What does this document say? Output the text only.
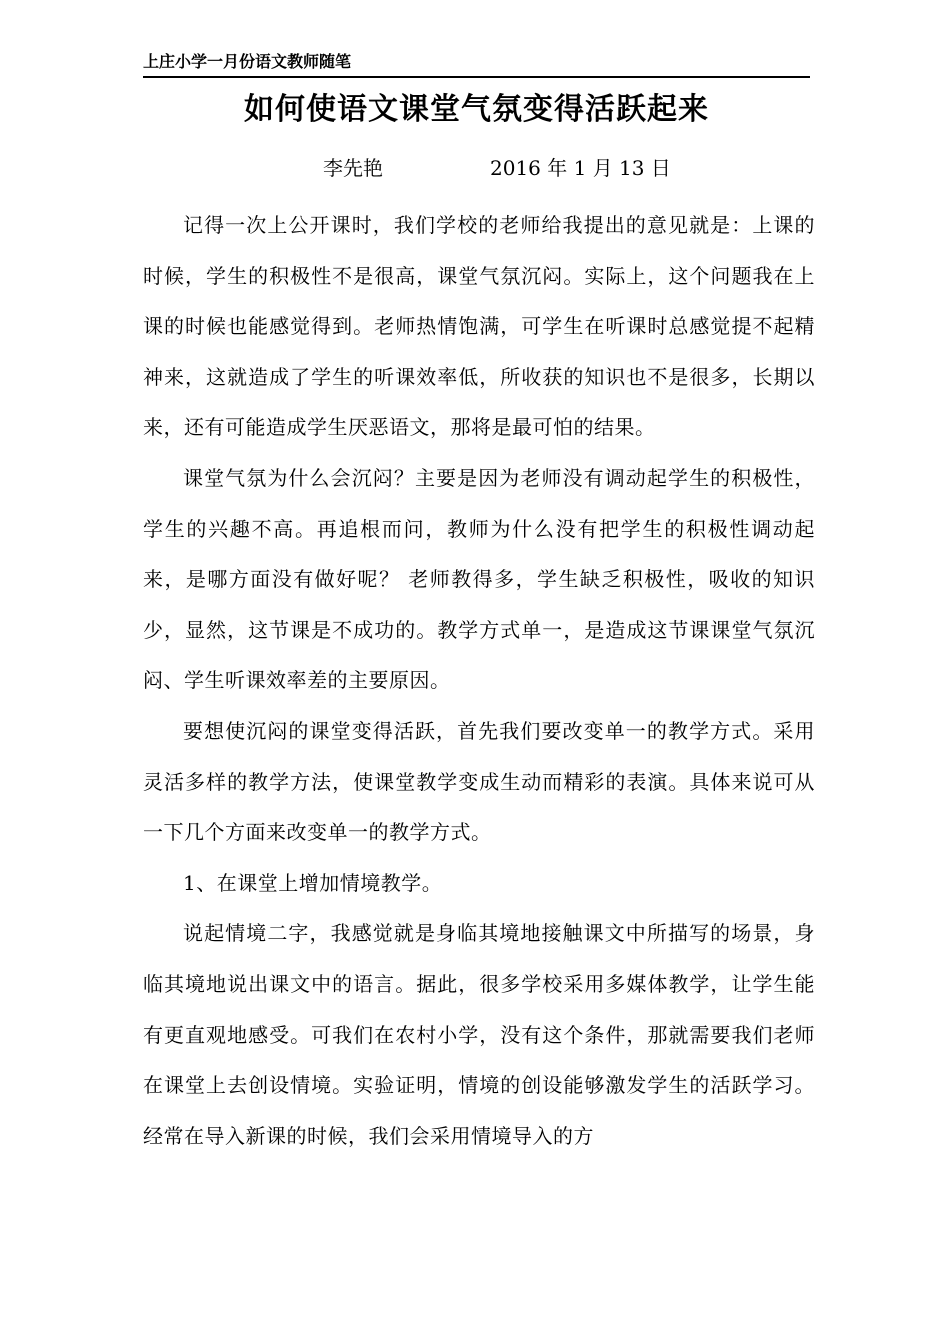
上庄小学一月份语文教师随笔
如何使语文课堂气氛变得活跃起来
李先艳	2016 年 1 月 13 日

记得一次上公开课时，我们学校的老师给我提出的意见就是：上课的时候，学生的积极性不是很高，课堂气氛沉闷。实际上，这个问题我在上课的时候也能感觉得到。老师热情饱满，可学生在听课时总感觉提不起精神来，这就造成了学生的听课效率低，所收获的知识也不是很多，长期以来，还有可能造成学生厌恶语文，那将是最可怕的结果。

课堂气氛为什么会沉闷？主要是因为老师没有调动起学生的积极性，学生的兴趣不高。再追根而问，教师为什么没有把学生的积极性调动起来，是哪方面没有做好呢？ 老师教得多，学生缺乏积极性，吸收的知识少，显然，这节课是不成功的。教学方式单一，是造成这节课课堂气氛沉闷、学生听课效率差的主要原因。

要想使沉闷的课堂变得活跃，首先我们要改变单一的教学方式。采用灵活多样的教学方法，使课堂教学变成生动而精彩的表演。具体来说可从一下几个方面来改变单一的教学方式。

1、在课堂上增加情境教学。

说起情境二字，我感觉就是身临其境地接触课文中所描写的场景，身临其境地说出课文中的语言。据此，很多学校采用多媒体教学，让学生能有更直观地感受。可我们在农村小学，没有这个条件，那就需要我们老师在课堂上去创设情境。实验证明，情境的创设能够激发学生的活跃学习。经常在导入新课的时候，我们会采用情境导入的方
